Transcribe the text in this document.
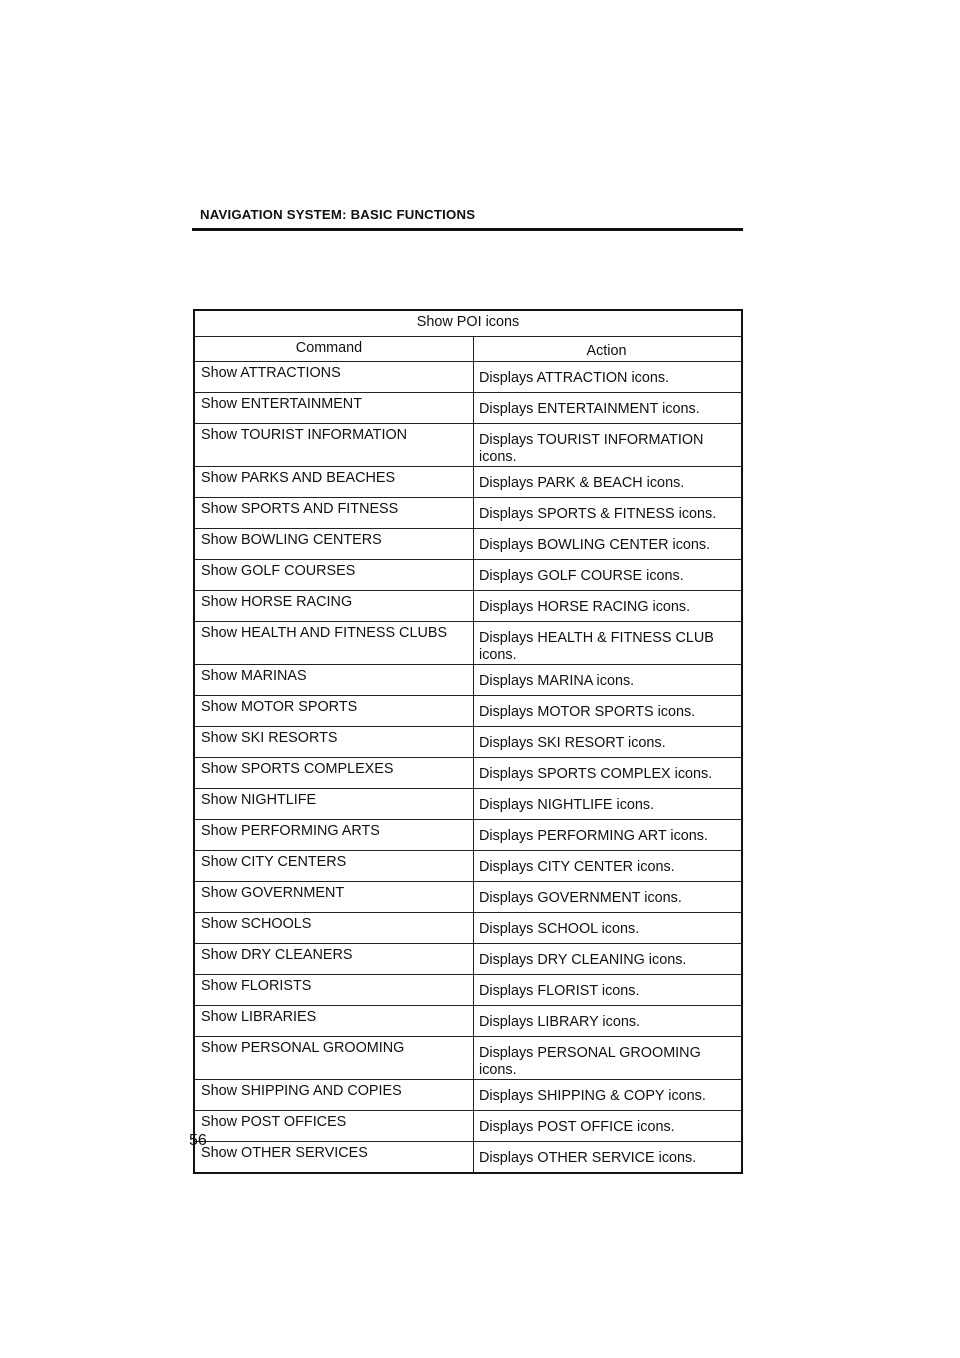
NAVIGATION SYSTEM: BASIC FUNCTIONS
Show POI icons	
Command	Action
Show ATTRACTIONS	Displays ATTRACTION icons.
Show ENTERTAINMENT	Displays ENTERTAINMENT icons.
Show TOURIST INFORMATION	Displays TOURIST INFORMATION icons.
Show PARKS AND BEACHES	Displays PARK & BEACH icons.
Show SPORTS AND FITNESS	Displays SPORTS & FITNESS icons.
Show BOWLING CENTERS	Displays BOWLING CENTER icons.
Show GOLF COURSES	Displays GOLF COURSE icons.
Show HORSE RACING	Displays HORSE RACING icons.
Show HEALTH AND FITNESS CLUBS	Displays HEALTH & FITNESS CLUB icons.
Show MARINAS	Displays MARINA icons.
Show MOTOR SPORTS	Displays MOTOR SPORTS icons.
Show SKI RESORTS	Displays SKI RESORT icons.
Show SPORTS COMPLEXES	Displays SPORTS COMPLEX icons.
Show NIGHTLIFE	Displays NIGHTLIFE icons.
Show PERFORMING ARTS	Displays PERFORMING ART icons.
Show CITY CENTERS	Displays CITY CENTER icons.
Show GOVERNMENT	Displays GOVERNMENT icons.
Show SCHOOLS	Displays SCHOOL icons.
Show DRY CLEANERS	Displays DRY CLEANING icons.
Show FLORISTS	Displays FLORIST icons.
Show LIBRARIES	Displays LIBRARY icons.
Show PERSONAL GROOMING	Displays PERSONAL GROOMING icons.
Show SHIPPING AND COPIES	Displays SHIPPING & COPY icons.
Show POST OFFICES	Displays POST OFFICE icons.
Show OTHER SERVICES	Displays OTHER SERVICE icons.
56
